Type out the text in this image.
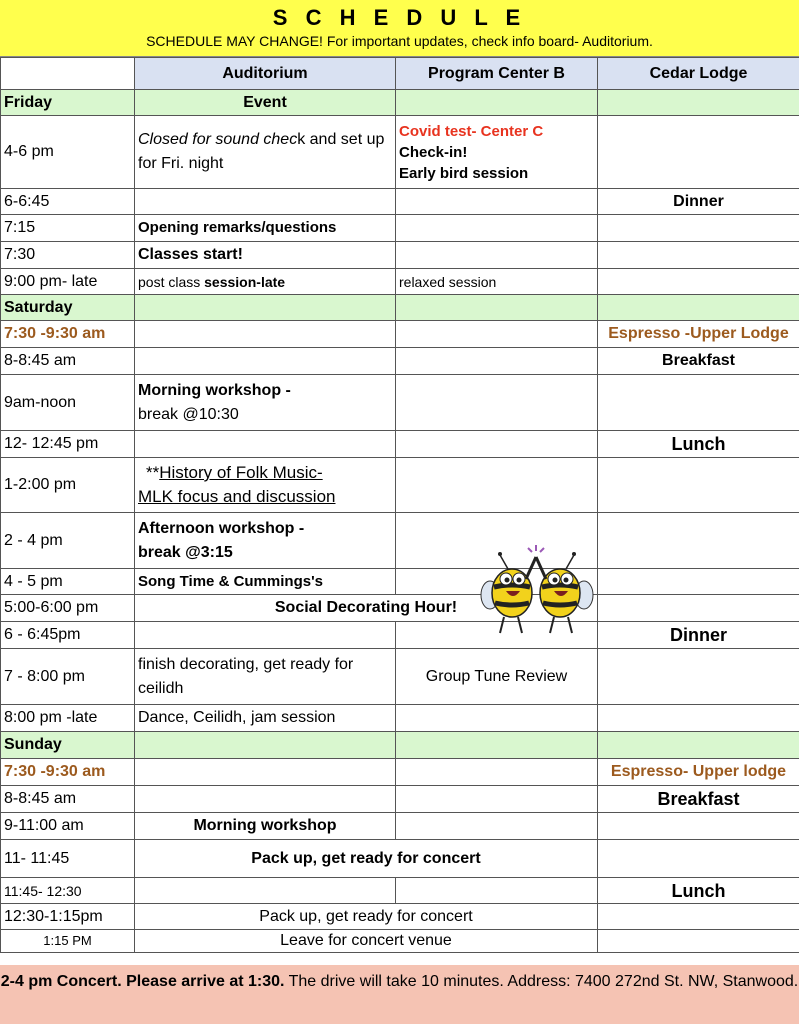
S C H E D U L E
SCHEDULE MAY CHANGE! For important updates, check info board- Auditorium.
	Auditorium	Program Center B	Cedar Lodge
Friday	Event		
4-6 pm	Closed for sound check and set up for Fri. night	Covid test- Center C
Check-in!
Early bird session	

6-6:45			Dinner
7:15	Opening remarks/questions		
7:30	Classes start!		
9:00 pm- late	post class session-late	relaxed session	
Saturday			
7:30 -9:30 am			Espresso -Upper Lodge
8-8:45 am			Breakfast
9am-noon	Morning workshop -
break @10:30		

12- 12:45 pm			Lunch
1-2:00 pm	**History of Folk Music-
MLK focus and discussion		

2 - 4 pm	Afternoon workshop -
break @3:15		

4 - 5 pm	Song Time & Cummings's		
5:00-6:00 pm	Social Decorating Hour!		
6 - 6:45pm			Dinner
7 - 8:00 pm	finish decorating, get ready for ceilidh	Group Tune Review	
8:00 pm -late	Dance, Ceilidh, jam session		
Sunday			
7:30 -9:30 am			Espresso- Upper lodge
8-8:45 am			Breakfast
9-11:00 am	Morning workshop		
11- 11:45	Pack up, get ready for concert		
11:45- 12:30			Lunch
12:30-1:15pm	Pack up, get ready for concert		
1:15 PM	Leave for concert venue		
2-4 pm Concert. Please arrive at 1:30. The drive will take 10 minutes. Address: 7400 272nd St. NW, Stanwood.
